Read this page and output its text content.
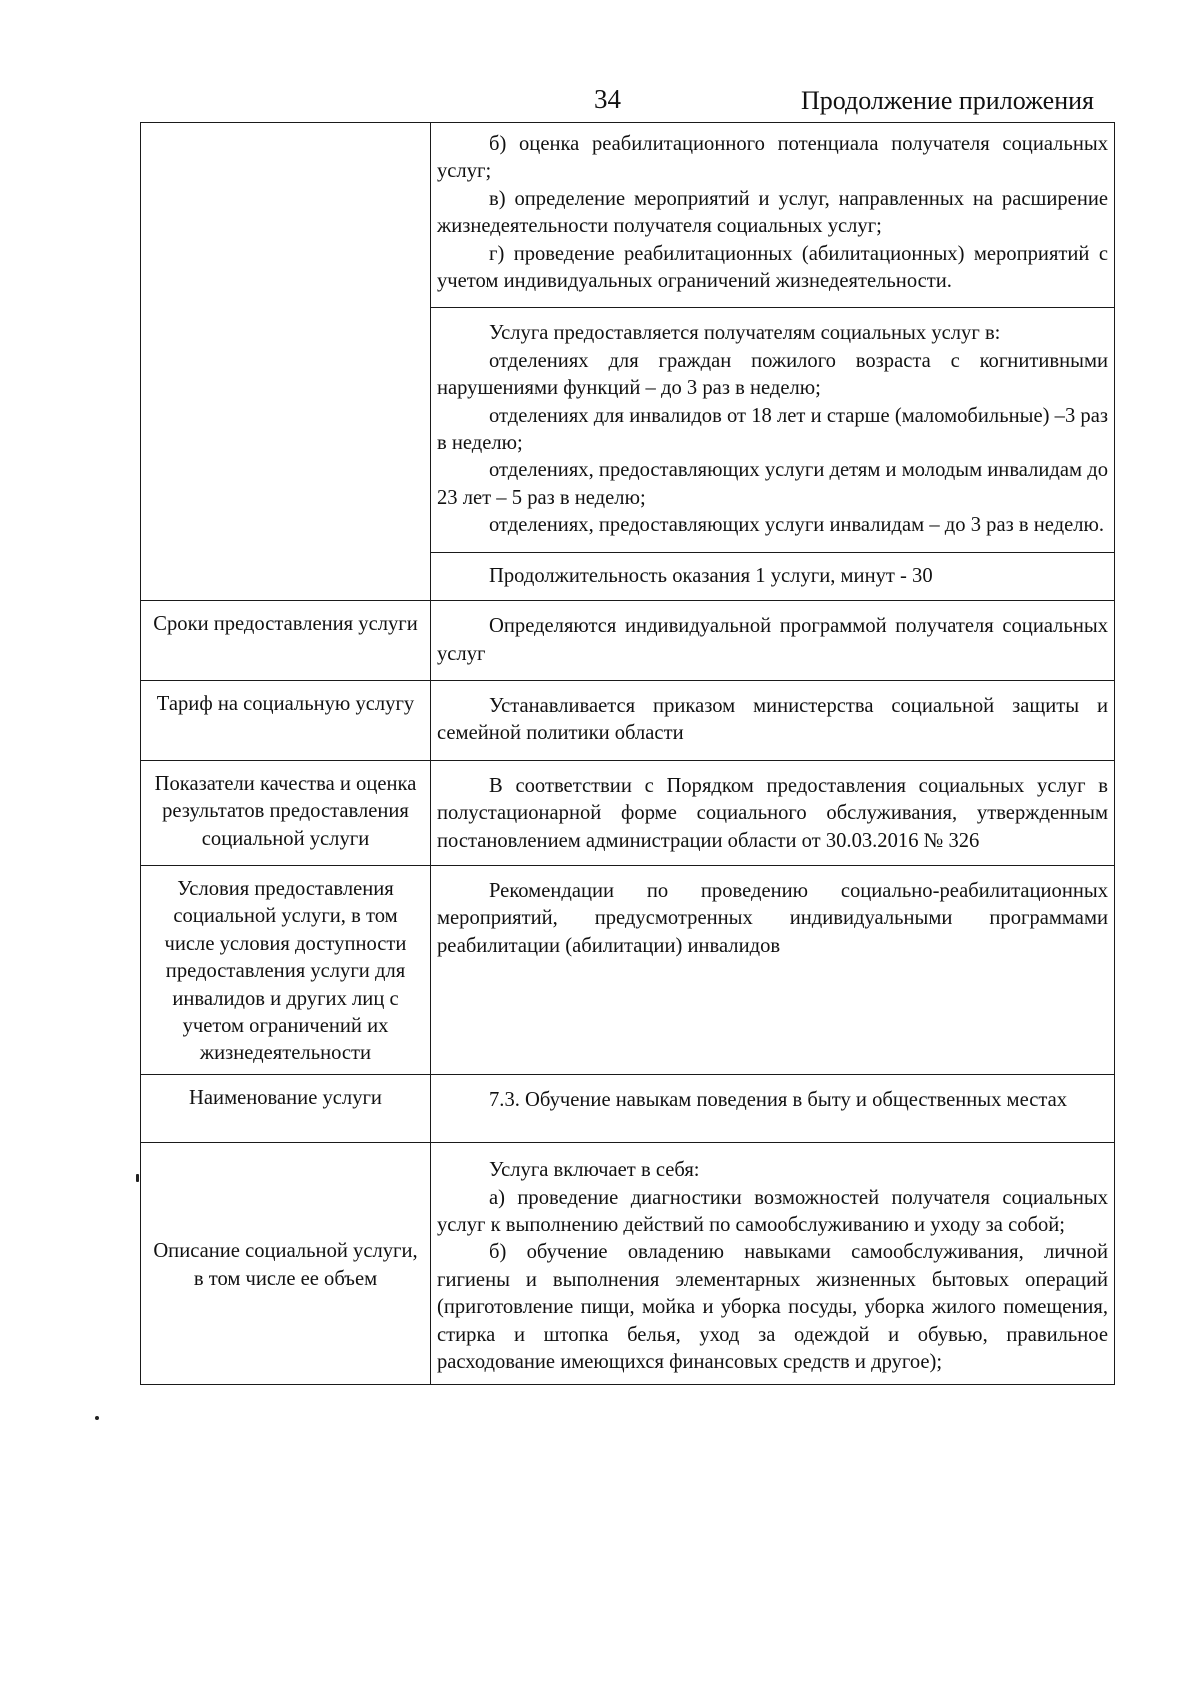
34	Продолжение приложения

	б) оценка реабилитационного потенциала получателя социальных услуг;

в) определение мероприятий и услуг, направленных на расширение жизнедеятельности получателя социальных услуг;

г) проведение реабилитационных (абилитационных) мероприятий с учетом индивидуальных ограничений жизнедеятельности.

	Услуга предоставляется получателям социальных услуг в:

отделениях для граждан пожилого возраста с когнитивными нарушениями функций – до 3 раз в неделю;

отделениях для инвалидов от 18 лет и старше (маломобильные) –3 раз в неделю;

отделениях, предоставляющих услуги детям и молодым инвалидам до 23 лет – 5 раз в неделю;

отделениях, предоставляющих услуги инвалидам – до 3 раз в неделю.

	Продолжительность оказания 1 услуги, минут - 30

Сроки предоставления услуги	Определяются индивидуальной программой получателя социальных услуг

Тариф на социальную услугу	Устанавливается приказом министерства социальной защиты и семейной политики области

Показатели качества и оценка результатов предоставления социальной услуги	В соответствии с Порядком предоставления социальных услуг в полустационарной форме социального обслуживания, утвержденным постановлением администрации области от 30.03.2016 № 326

Условия предоставления социальной услуги, в том числе условия доступности предоставления услуги для инвалидов и других лиц с учетом ограничений их жизнедеятельности	Рекомендации по проведению социально-реабилитационных мероприятий, предусмотренных индивидуальными программами реабилитации (абилитации) инвалидов

Наименование услуги	7.3. Обучение навыкам поведения в быту и общественных местах

Описание социальной услуги, в том числе ее объем	Услуга включает в себя:

а) проведение диагностики возможностей получателя социальных услуг к выполнению действий по самообслуживанию и уходу за собой;

б) обучение овладению навыками самообслуживания, личной гигиены и выполнения элементарных жизненных бытовых операций (приготовление пищи, мойка и уборка посуды, уборка жилого помещения, стирка и штопка белья, уход за одеждой и обувью, правильное расходование имеющихся финансовых средств и другое);
